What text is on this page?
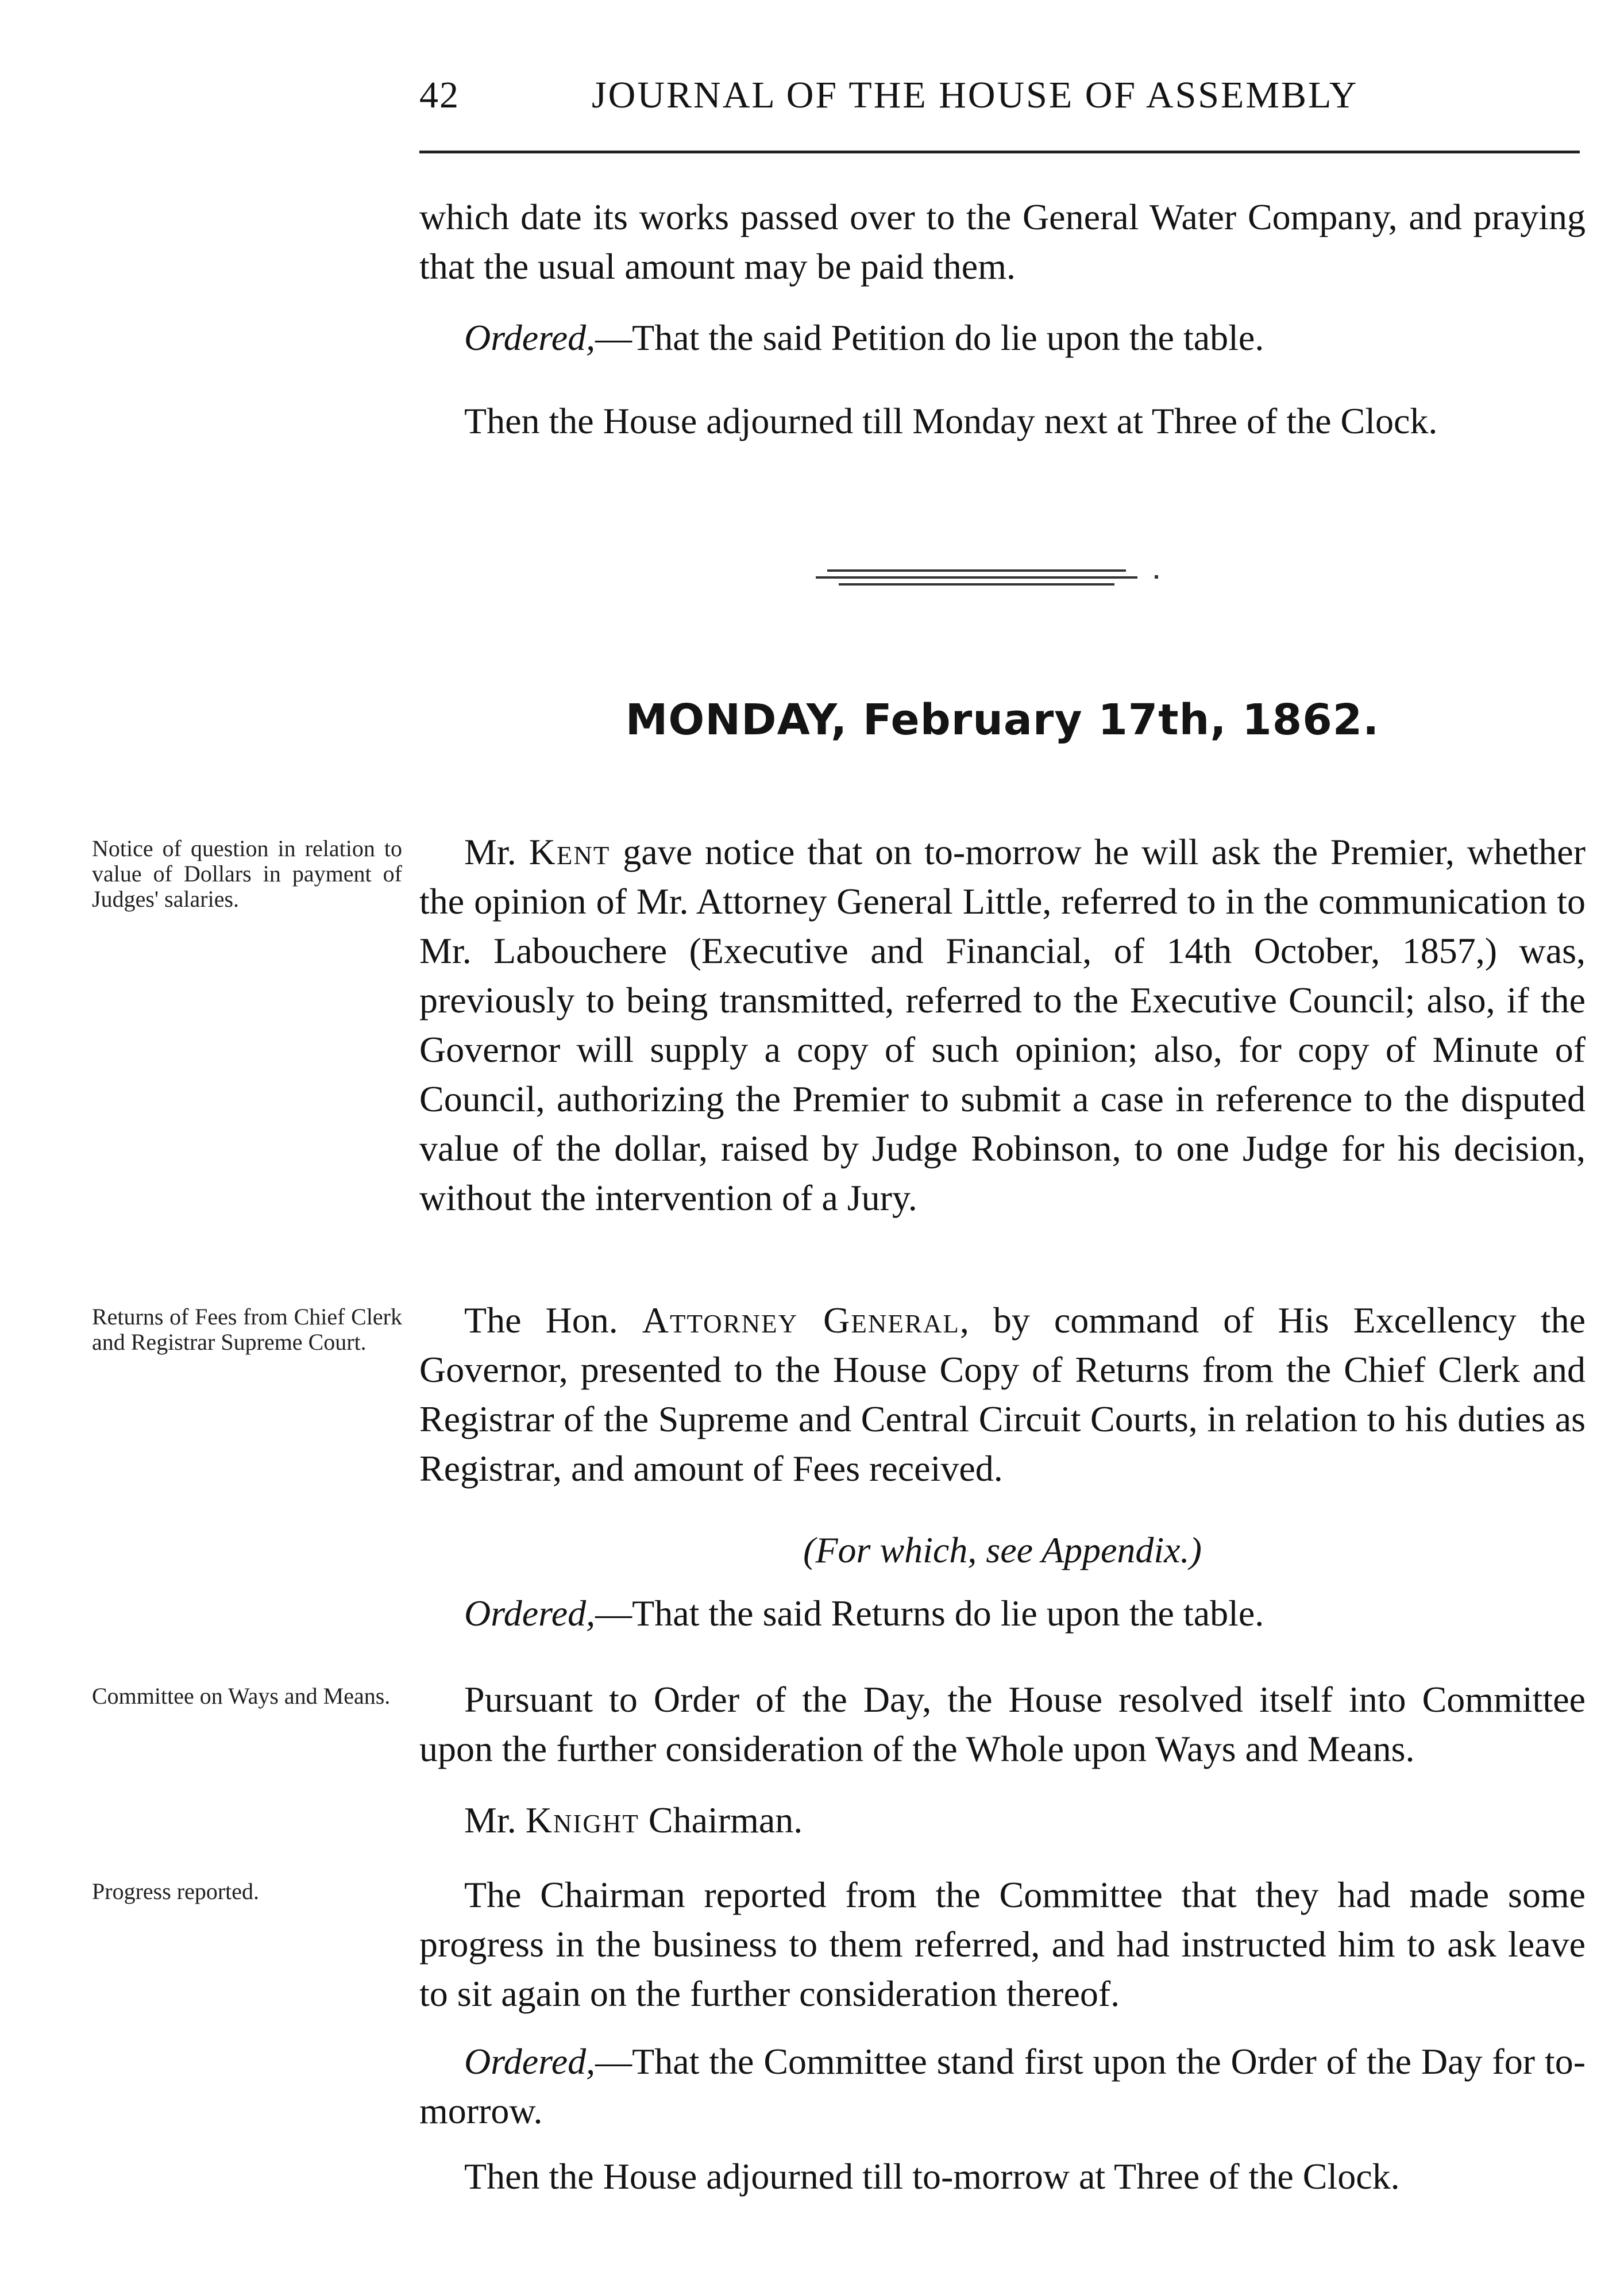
42	JOURNAL OF THE HOUSE OF ASSEMBLY

which date its works passed over to the General Water Company, and praying that the usual amount may be paid them.

Ordered,—That the said Petition do lie upon the table.

Then the House adjourned till Monday next at Three of the Clock.

MONDAY, February 17th, 1862.
Notice of question in relation to value of Dollars in payment of Judges' salaries.
Returns of Fees from Chief Clerk and Registrar Supreme Court.
Committee on Ways and Means.
Progress reported.

Mr. Kent gave notice that on to-morrow he will ask the Premier, whether the opinion of Mr. Attorney General Little, referred to in the communication to Mr. Labouchere (Executive and Financial, of 14th October, 1857,) was, previously to being transmitted, referred to the Executive Council; also, if the Governor will supply a copy of such opinion; also, for copy of Minute of Council, authorizing the Premier to submit a case in reference to the disputed value of the dollar, raised by Judge Robinson, to one Judge for his decision, without the intervention of a Jury.

The Hon. Attorney General, by command of His Excellency the Governor, presented to the House Copy of Returns from the Chief Clerk and Registrar of the Supreme and Central Circuit Courts, in relation to his duties as Registrar, and amount of Fees received.

(For which, see Appendix.)

Ordered,—That the said Returns do lie upon the table.

Pursuant to Order of the Day, the House resolved itself into Committee upon the further consideration of the Whole upon Ways and Means.

Mr. Knight Chairman.

The Chairman reported from the Committee that they had made some progress in the business to them referred, and had instructed him to ask leave to sit again on the further consideration thereof.

Ordered,—That the Committee stand first upon the Order of the Day for to-morrow.

Then the House adjourned till to-morrow at Three of the Clock.
